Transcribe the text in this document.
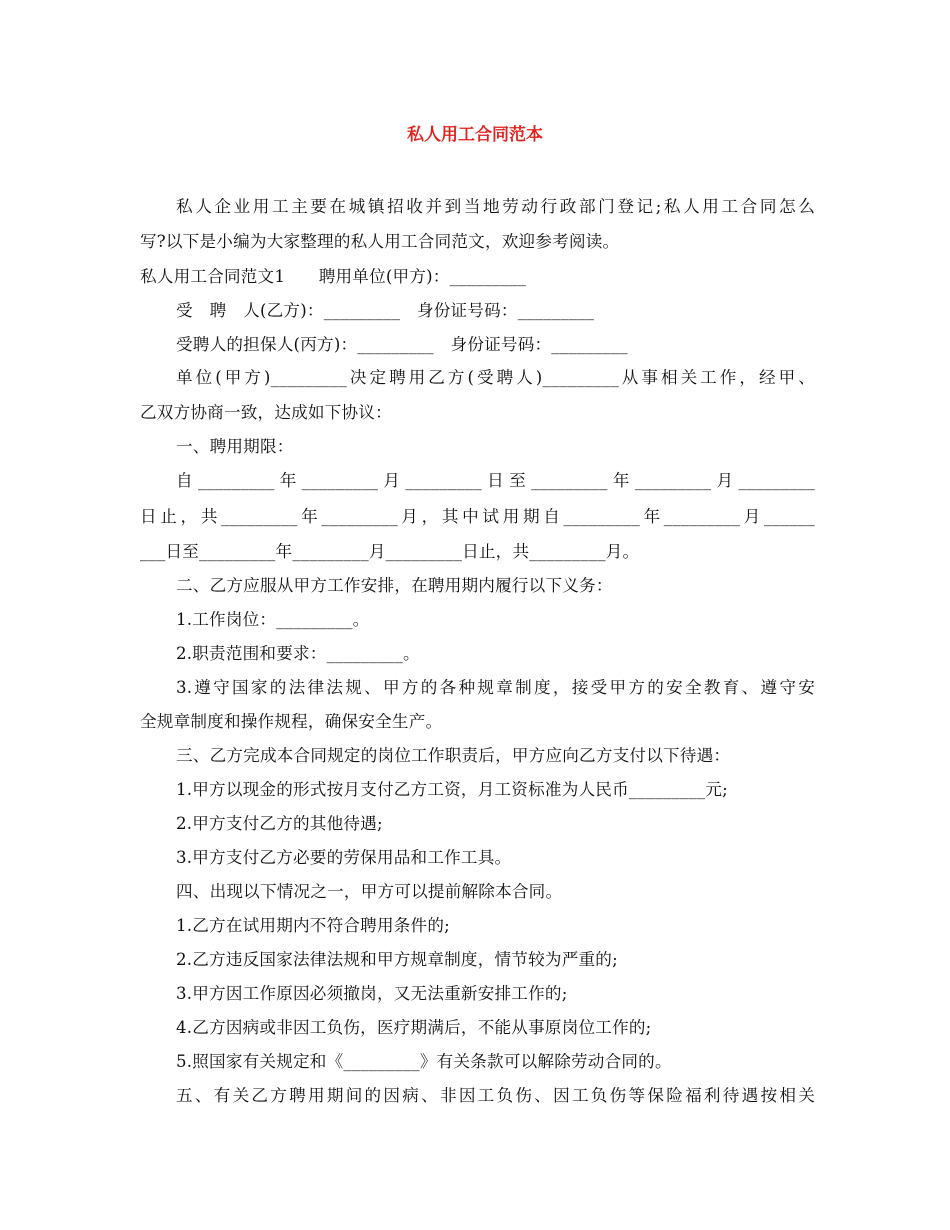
私人用工合同范本
私人企业用工主要在城镇招收并到当地劳动行政部门登记;私人用工合同怎么
写?以下是小编为大家整理的私人用工合同范文，欢迎参考阅读。
私人用工合同范文1　　聘用单位(甲方)：_________
受　聘　人(乙方)：_________　身份证号码：_________
受聘人的担保人(丙方)：_________　身份证号码：_________
单位(甲方)_________决定聘用乙方(受聘人)_________从事相关工作，经甲、
乙双方协商一致，达成如下协议：
一、聘用期限：
自_________年_________月_________日至_________年_________月_________
日止，共_________年_________月，其中试用期自_________年_________月______
___日至_________年_________月_________日止，共_________月。
二、乙方应服从甲方工作安排，在聘用期内履行以下义务：
1.工作岗位：_________。
2.职责范围和要求：_________。
3.遵守国家的法律法规、甲方的各种规章制度，接受甲方的安全教育、遵守安
全规章制度和操作规程，确保安全生产。
三、乙方完成本合同规定的岗位工作职责后，甲方应向乙方支付以下待遇：
1.甲方以现金的形式按月支付乙方工资，月工资标准为人民币_________元;
2.甲方支付乙方的其他待遇;
3.甲方支付乙方必要的劳保用品和工作工具。
四、出现以下情况之一，甲方可以提前解除本合同。
1.乙方在试用期内不符合聘用条件的;
2.乙方违反国家法律法规和甲方规章制度，情节较为严重的;
3.甲方因工作原因必须撤岗，又无法重新安排工作的;
4.乙方因病或非因工负伤，医疗期满后，不能从事原岗位工作的;
5.照国家有关规定和《_________》有关条款可以解除劳动合同的。
五、有关乙方聘用期间的因病、非因工负伤、因工负伤等保险福利待遇按相关
